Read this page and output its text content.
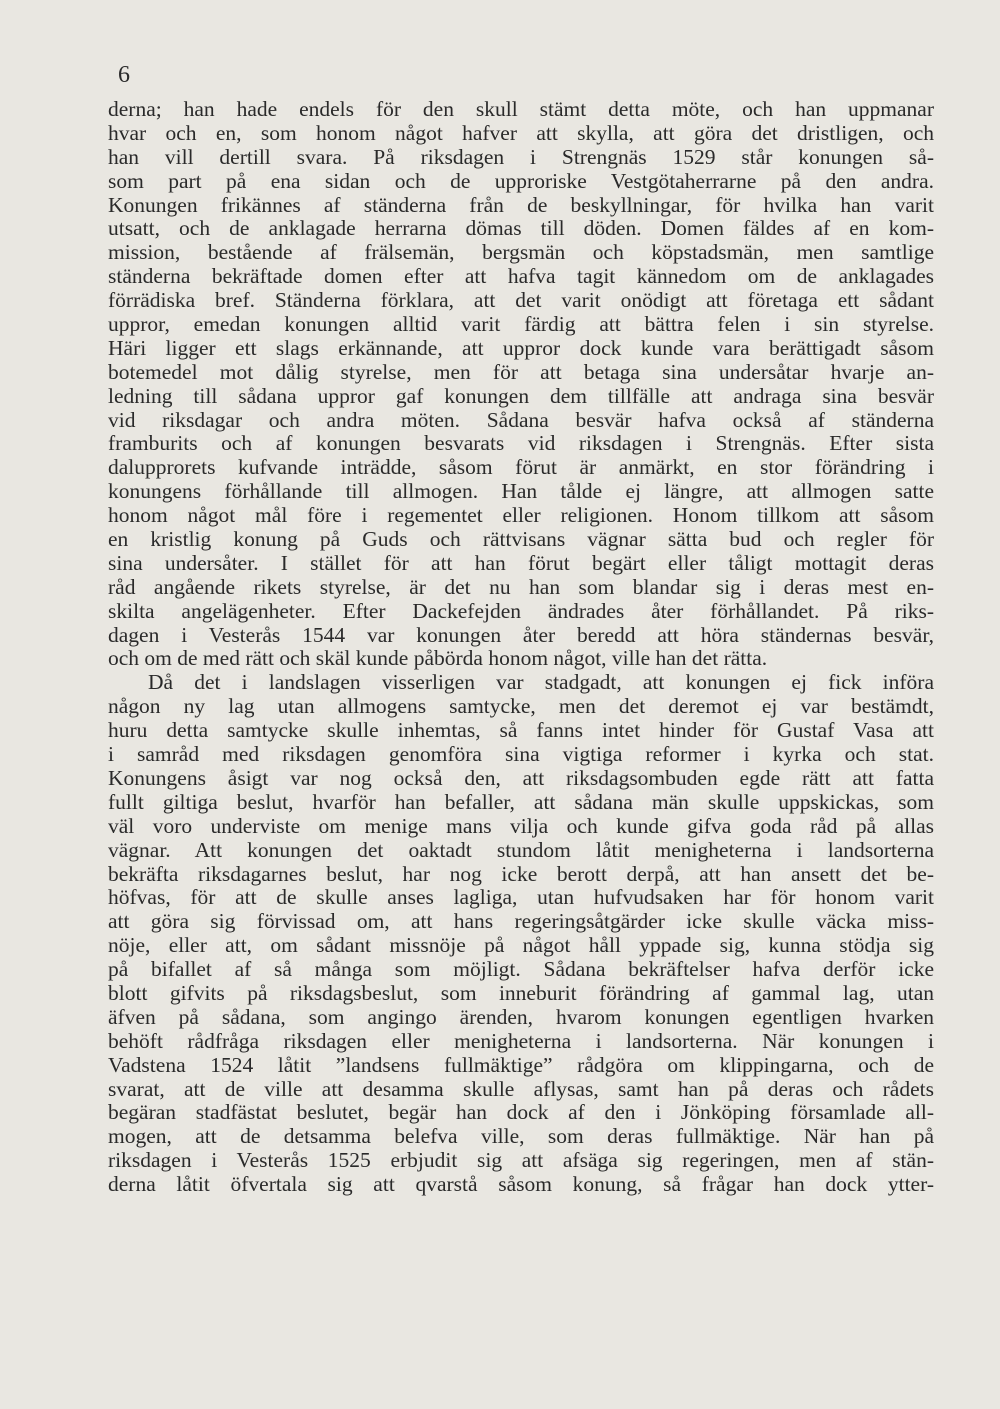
6
derna; han hade endels för den skull stämt detta möte, och han uppmanar
hvar och en, som honom något hafver att skylla, att göra det dristligen, och
han vill dertill svara. På riksdagen i Strengnäs 1529 står konungen så-
som part på ena sidan och de upproriske Vestgötaherrarne på den andra.
Konungen frikännes af ständerna från de beskyllningar, för hvilka han varit
utsatt, och de anklagade herrarna dömas till döden. Domen fäldes af en kom-
mission, bestående af frälsemän, bergsmän och köpstadsmän, men samtlige
ständerna bekräftade domen efter att hafva tagit kännedom om de anklagades
förrädiska bref. Ständerna förklara, att det varit onödigt att företaga ett sådant
uppror, emedan konungen alltid varit färdig att bättra felen i sin styrelse.
Häri ligger ett slags erkännande, att uppror dock kunde vara berättigadt såsom
botemedel mot dålig styrelse, men för att betaga sina undersåtar hvarje an-
ledning till sådana uppror gaf konungen dem tillfälle att andraga sina besvär
vid riksdagar och andra möten. Sådana besvär hafva också af ständerna
framburits och af konungen besvarats vid riksdagen i Strengnäs. Efter sista
dalupprorets kufvande inträdde, såsom förut är anmärkt, en stor förändring i
konungens förhållande till allmogen. Han tålde ej längre, att allmogen satte
honom något mål före i regementet eller religionen. Honom tillkom att såsom
en kristlig konung på Guds och rättvisans vägnar sätta bud och regler för
sina undersåter. I stället för att han förut begärt eller tåligt mottagit deras
råd angående rikets styrelse, är det nu han som blandar sig i deras mest en-
skilta angelägenheter. Efter Dackefejden ändrades åter förhållandet. På riks-
dagen i Vesterås 1544 var konungen åter beredd att höra ständernas besvär,
och om de med rätt och skäl kunde påbörda honom något, ville han det rätta.
Då det i landslagen visserligen var stadgadt, att konungen ej fick införa
någon ny lag utan allmogens samtycke, men det deremot ej var bestämdt,
huru detta samtycke skulle inhemtas, så fanns intet hinder för Gustaf Vasa att
i samråd med riksdagen genomföra sina vigtiga reformer i kyrka och stat.
Konungens åsigt var nog också den, att riksdagsombuden egde rätt att fatta
fullt giltiga beslut, hvarför han befaller, att sådana män skulle uppskickas, som
väl voro underviste om menige mans vilja och kunde gifva goda råd på allas
vägnar. Att konungen det oaktadt stundom låtit menigheterna i landsorterna
bekräfta riksdagarnes beslut, har nog icke berott derpå, att han ansett det be-
höfvas, för att de skulle anses lagliga, utan hufvudsaken har för honom varit
att göra sig förvissad om, att hans regeringsåtgärder icke skulle väcka miss-
nöje, eller att, om sådant missnöje på något håll yppade sig, kunna stödja sig
på bifallet af så många som möjligt. Sådana bekräftelser hafva derför icke
blott gifvits på riksdagsbeslut, som inneburit förändring af gammal lag, utan
äfven på sådana, som angingo ärenden, hvarom konungen egentligen hvarken
behöft rådfråga riksdagen eller menigheterna i landsorterna. När konungen i
Vadstena 1524 låtit ”landsens fullmäktige” rådgöra om klippingarna, och de
svarat, att de ville att desamma skulle aflysas, samt han på deras och rådets
begäran stadfästat beslutet, begär han dock af den i Jönköping församlade all-
mogen, att de detsamma belefva ville, som deras fullmäktige. När han på
riksdagen i Vesterås 1525 erbjudit sig att afsäga sig regeringen, men af stän-
derna låtit öfvertala sig att qvarstå såsom konung, så frågar han dock ytter-
